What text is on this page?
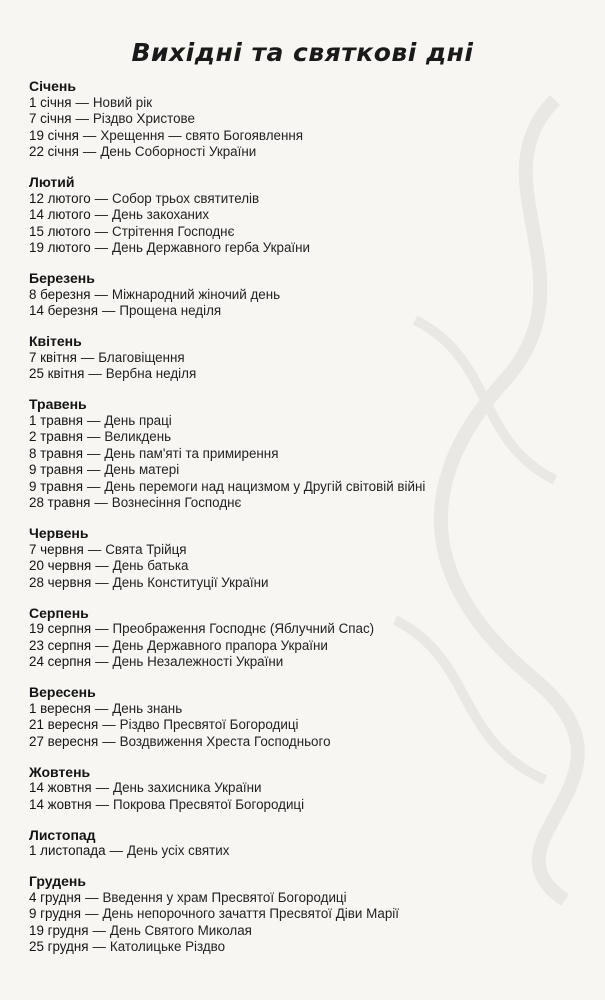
Вихідні та святкові дні
Січень
1 січня — Новий рік
7 січня — Різдво Христове
19 січня — Хрещення — свято Богоявлення
22 січня — День Соборності України
Лютий
12 лютого — Собор трьох святителів
14 лютого — День закоханих
15 лютого — Стрітення Господнє
19 лютого — День Державного герба України
Березень
8 березня — Міжнародний жіночий день
14 березня — Прощена неділя
Квітень
7 квітня — Благовіщення
25 квітня — Вербна неділя
Травень
1 травня — День праці
2 травня — Великдень
8 травня — День пам'яті та примирення
9 травня — День матері
9 травня — День перемоги над нацизмом у Другій світовій війні
28 травня — Вознесіння Господнє
Червень
7 червня — Свята Трійця
20 червня — День батька
28 червня — День Конституції України
Серпень
19 серпня — Преображення Господнє (Яблучний Спас)
23 серпня — День Державного прапора України
24 серпня — День Незалежності України
Вересень
1 вересня — День знань
21 вересня — Різдво Пресвятої Богородиці
27 вересня — Воздвиження Хреста Господнього
Жовтень
14 жовтня — День захисника України
14 жовтня — Покрова Пресвятої Богородиці
Листопад
1 листопада — День усіх святих
Грудень
4 грудня — Введення у храм Пресвятої Богородиці
9 грудня — День непорочного зачаття Пресвятої Діви Марії
19 грудня — День Святого Миколая
25 грудня — Католицьке Різдво
